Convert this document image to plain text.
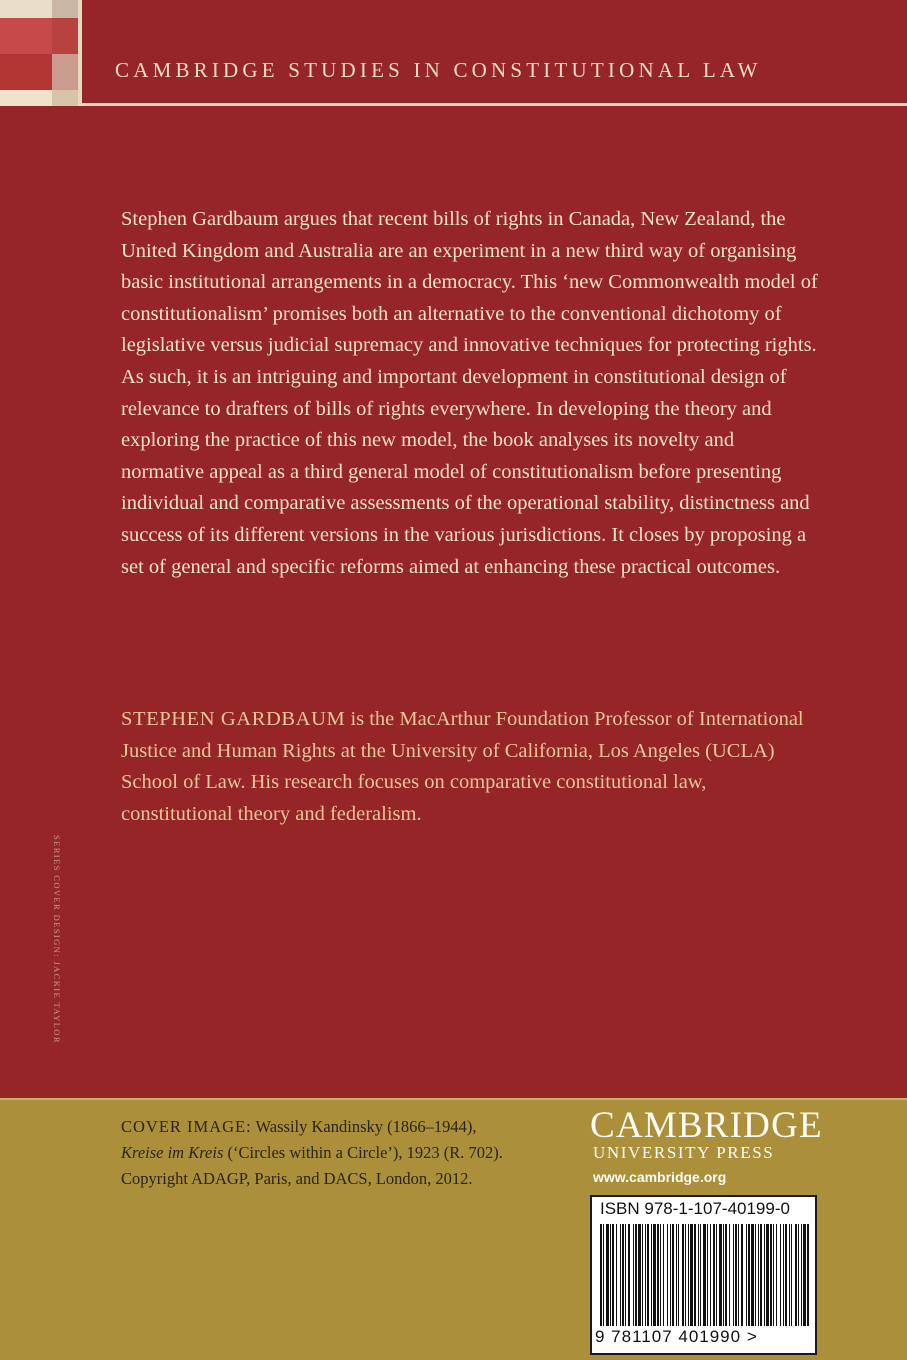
CAMBRIDGE STUDIES IN CONSTITUTIONAL LAW

Stephen Gardbaum argues that recent bills of rights in Canada, New Zealand, the United Kingdom and Australia are an experiment in a new third way of organising basic institutional arrangements in a democracy. This ‘new Commonwealth model of constitutionalism’ promises both an alternative to the conventional dichotomy of legislative versus judicial supremacy and innovative techniques for protecting rights. As such, it is an intriguing and important development in constitutional design of relevance to drafters of bills of rights everywhere. In developing the theory and exploring the practice of this new model, the book analyses its novelty and normative appeal as a third general model of constitutionalism before presenting individual and comparative assessments of the operational stability, distinctness and success of its different versions in the various jurisdictions. It closes by proposing a set of general and specific reforms aimed at enhancing these practical outcomes.

STEPHEN GARDBAUM is the MacArthur Foundation Professor of International Justice and Human Rights at the University of California, Los Angeles (UCLA) School of Law. His research focuses on comparative constitutional law, constitutional theory and federalism.

SERIES COVER DESIGN: JACKIE TAYLOR

COVER IMAGE: Wassily Kandinsky (1866–1944),
Kreise im Kreis (‘Circles within a Circle’), 1923 (R. 702). Copyright ADAGP, Paris, and DACS, London, 2012.

CAMBRIDGE
UNIVERSITY PRESS
www.cambridge.org
ISBN 978-1-107-40199-0
9 781107 401990 >
